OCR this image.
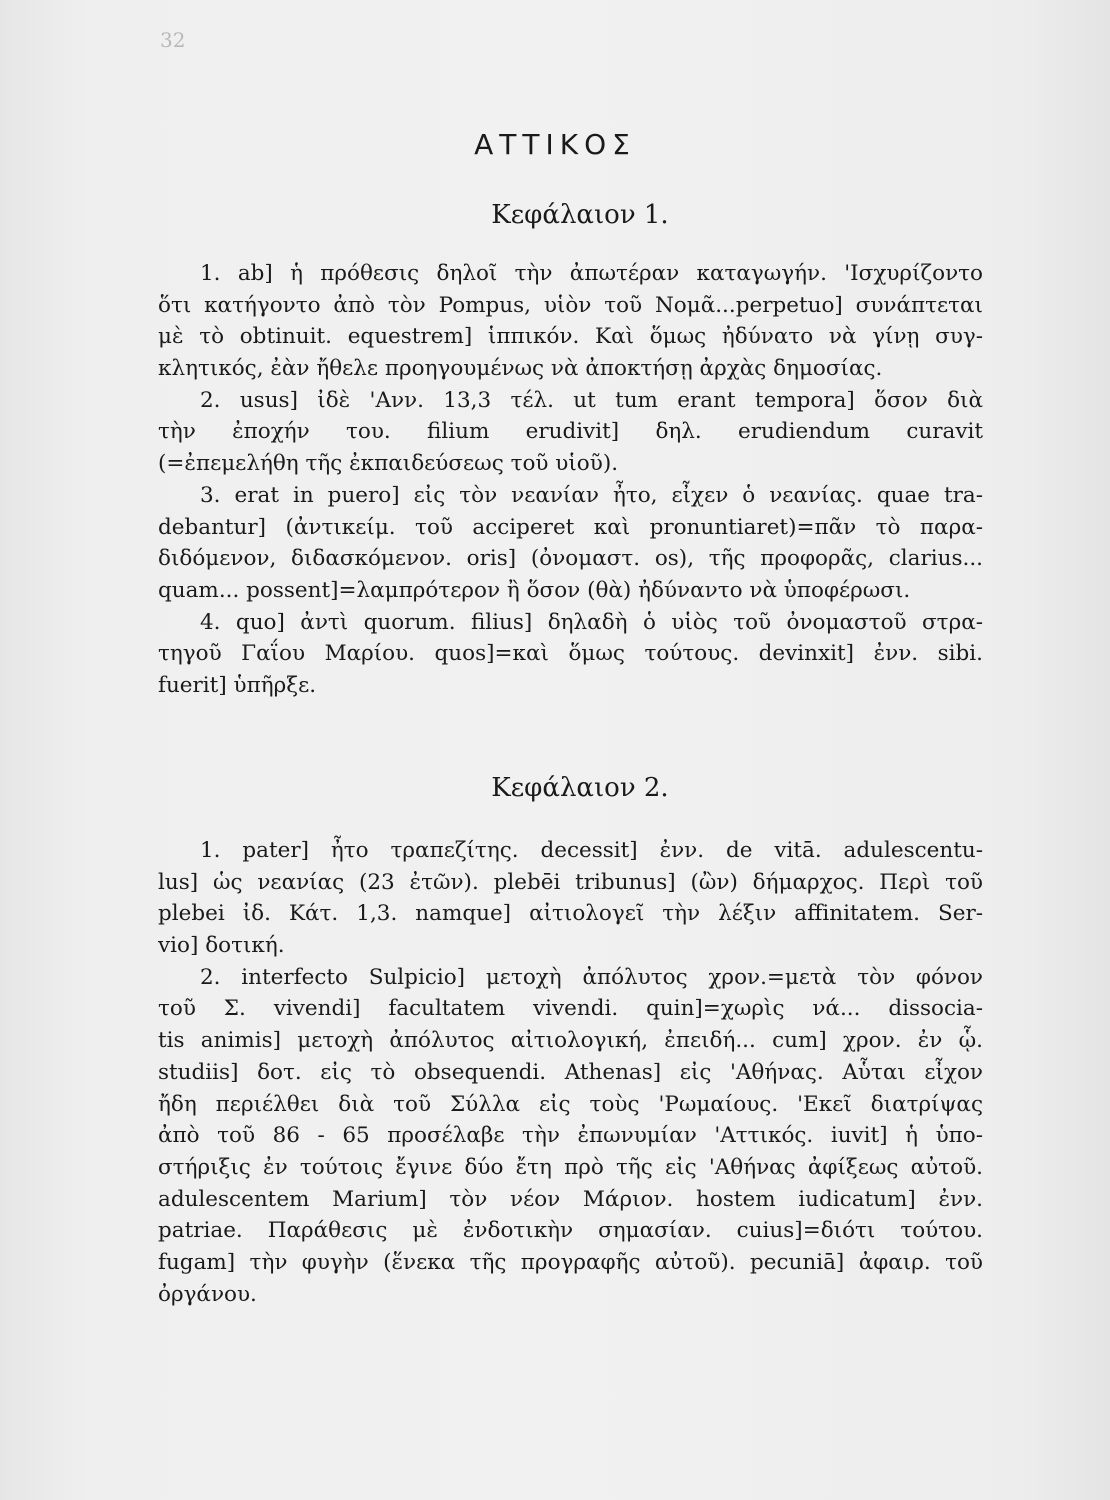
32
ΑΤΤΙΚΟΣ
Κεφάλαιον 1.
1. ab] ἡ πρόθεσις δηλοῖ τὴν ἀπωτέραν καταγωγήν. 'Ισχυρίζοντο
ὅτι κατήγοντο ἀπὸ τὸν Pompus, υἱὸν τοῦ Νομᾶ...perpetuo] συνάπτεται
μὲ τὸ obtinuit. equestrem] ἱππικόν. Καὶ ὅμως ἠδύνατο νὰ γίνῃ συγ-
κλητικός, ἐὰν ἤθελε προηγουμένως νὰ ἀποκτήσῃ ἀρχὰς δημοσίας.
2. usus] ἰδὲ 'Ανν. 13,3 τέλ. ut tum erant tempora] ὅσον διὰ
τὴν ἐποχήν του. filium erudivit] δηλ. erudiendum curavit
(=ἐπεμελήθη τῆς ἐκπαιδεύσεως τοῦ υἱοῦ).
3. erat in puero] εἰς τὸν νεανίαν ἦτο, εἶχεν ὁ νεανίας. quae tra-
debantur] (ἀντικείμ. τοῦ acciperet καὶ pronuntiaret)=πᾶν τὸ παρα-
διδόμενον, διδασκόμενον. oris] (ὀνομαστ. os), τῆς προφορᾶς, clarius...
quam... possent]=λαμπρότερον ἢ ὅσον (θὰ) ἠδύναντο νὰ ὑποφέρωσι.
4. quo] ἀντὶ quorum. filius] δηλαδὴ ὁ υἱὸς τοῦ ὀνομαστοῦ στρα-
τηγοῦ Γαΐου Μαρίου. quos]=καὶ ὅμως τούτους. devinxit] ἐνν. sibi.
fuerit] ὑπῆρξε.
Κεφάλαιον 2.
1. pater] ἦτο τραπεζίτης. decessit] ἐνν. de vitā. adulescentu-
lus] ὡς νεανίας (23 ἐτῶν). plebēi tribunus] (ὢν) δήμαρχος. Περὶ τοῦ
plebei ἰδ. Κάτ. 1,3. namque] αἰτιολογεῖ τὴν λέξιν affinitatem. Ser-
vio] δοτική.
2. interfecto Sulpicio] μετοχὴ ἀπόλυτος χρον.=μετὰ τὸν φόνον
τοῦ Σ. vivendi] facultatem vivendi. quin]=χωρὶς νά... dissocia-
tis animis] μετοχὴ ἀπόλυτος αἰτιολογική, ἐπειδή... cum] χρον. ἐν ᾧ.
studiis] δοτ. εἰς τὸ obsequendi. Athenas] εἰς 'Αθήνας. Αὗται εἶχον
ἤδη περιέλθει διὰ τοῦ Σύλλα εἰς τοὺς 'Ρωμαίους. 'Εκεῖ διατρίψας
ἀπὸ τοῦ 86 - 65 προσέλαβε τὴν ἐπωνυμίαν 'Αττικός. iuvit] ἡ ὑπο-
στήριξις ἐν τούτοις ἔγινε δύο ἔτη πρὸ τῆς εἰς 'Αθήνας ἀφίξεως αὐτοῦ.
adulescentem Marium] τὸν νέον Μάριον. hostem iudicatum] ἐνν.
patriae. Παράθεσις μὲ ἐνδοτικὴν σημασίαν. cuius]=διότι τούτου.
fugam] τὴν φυγὴν (ἕνεκα τῆς προγραφῆς αὐτοῦ). pecuniā] ἀφαιρ. τοῦ
ὀργάνου.
